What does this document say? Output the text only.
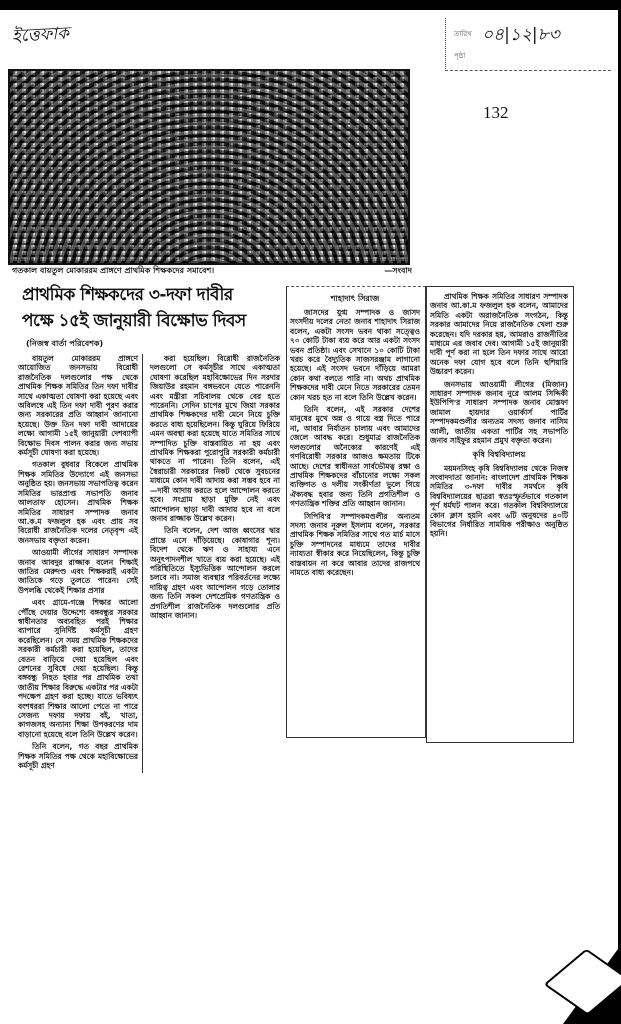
ইত্তেফাক	তারিখ ০৪|১২|৮৩
পৃষ্ঠা
132
গতকাল বায়তুল মোকাররম প্রাঙ্গণে প্রাথমিক শিক্ষকদের সমাবেশ।	—সংবাদ
প্রাথমিক শিক্ষকদের ৩-দফা দাবীর
পক্ষে ১৫ই জানুয়ারী বিক্ষোভ দিবস
(নিজস্ব বার্তা পরিবেশক)

বায়তুল মোকাররম প্রাঙ্গণে আয়োজিত জনসভায় বিরোধী রাজনৈতিক দলগুলোর পক্ষ থেকে প্রাথমিক শিক্ষক সমিতির তিন দফা দাবীর সাথে একাত্মতা ঘোষণা করা হয়েছে এবং অবিলম্বে এই তিন দফা দাবী পূরণ করার জন্য সরকারের প্রতি আহ্বান জানানো হয়েছে। উক্ত তিন দফা দাবী আদায়ের লক্ষ্যে আগামী ১৫ই জানুয়ারী দেশব্যাপী বিক্ষোভ দিবস পালন করার জন্য সভায় কর্মসূচী ঘোষণা করা হয়েছে।

গতকাল বুধবার বিকেলে প্রাথমিক শিক্ষক সমিতির উদ্যোগে এই জনসভা অনুষ্ঠিত হয়। জনসভায় সভাপতিত্ব করেন সমিতির ভারপ্রাপ্ত সভাপতি জনাব আলতাফ হোসেন। প্রাথমিক শিক্ষক সমিতির সাধারণ সম্পাদক জনাব আ.ক.ম ফজলুল হক এবং প্রায় সব বিরোধী রাজনৈতিক দলের নেতৃবৃন্দ এই জনসভায় বক্তৃতা করেন।

আওয়ামী লীগের সাধারণ সম্পাদক জনাব আবদুর রাজ্জাক বলেন শিক্ষাই জাতির মেরুদণ্ড এবং শিক্ষকরাই একটা জাতিকে গড়ে তুলতে পারেন। সেই উপলব্ধি থেকেই শিক্ষার প্রসার

এবং গ্রামে-গঞ্জে শিক্ষার আলো পৌঁছে দেয়ার উদ্দেশ্যে বঙ্গবন্ধুর সরকার স্বাধীনতার অব্যবহিত পরই শিক্ষার ব্যাপারে সুনির্দিষ্ট কর্মসূচী গ্রহণ করেছিলেন। সে সময় প্রাথমিক শিক্ষকদের সরকারী কর্মচারী করা হয়েছিল, তাদের বেতন বাড়িয়ে দেয়া হয়েছিল এবং রেশনের সুবিধে দেয়া হয়েছিল। কিন্তু বঙ্গবন্ধু নিহত হবার পর প্রাথমিক তথা জাতীয় শিক্ষার বিরুদ্ধে একটার পর একটা পদক্ষেপ গ্রহণ করা হচ্ছে। যাতে ভবিষ্যৎ বংশধররা শিক্ষার আলো পেতে না পারে সেজন্য দফায় দফায় বই, খাতা, কাগজসহ অন্যান্য শিক্ষা উপকরণের দাম বাড়ানো হয়েছে বলে তিনি উল্লেখ করেন।

তিনি বলেন, গত বছর প্রাথমিক শিক্ষক সমিতির পক্ষ থেকে মহাবিক্ষোভের কর্মসূচী গ্রহণ

করা হয়েছিল। বিরোধী রাজনৈতিক দলগুলো সে কর্মসূচীর সাথে একাত্মতা ঘোষণা করেছিল মহাবিক্ষোভের দিন সরদার জিয়াউর রহমান বঙ্গভবনে যেতে পারেননি এবং মন্ত্রীরা সচিবালয় থেকে বের হতে পারেননি। সেদিন চাপের মুখে জিয়া সরকার প্রাথমিক শিক্ষকদের দাবী মেনে নিয়ে চুক্তি করতে বাধ্য হয়েছিলেন। কিন্তু ঘুরিয়ে ফিরিয়ে এমন অবস্থা করা হয়েছে যাতে সমিতির সাথে সম্পাদিত চুক্তি বাস্তবায়িত না হয় এবং প্রাথমিক শিক্ষকরা পুরোপুরি সরকারী কর্মচারী থাকতে না পারেন। তিনি বলেন, এই স্বৈরাচারী সরকারের নিকট থেকে সুবচনের মাধ্যমে কোন দাবী আদায় করা সম্ভব হবে না—দাবী আদায় করতে হলে আন্দোলন করতে হবে। সংগ্রাম ছাড়া মুক্তি নেই এবং আন্দোলন ছাড়া দাবী আদায় হবে না বলে জনাব রাজ্জাক উল্লেখ করেন।

তিনি বলেন, দেশ আজ ধ্বংসের দ্বার প্রান্তে এসে দাঁড়িয়েছে। কোষাগার শূন্য। বিদেশ থেকে ঋণ ও সাহায্য এনে অনুৎপাদনশীল খাতে ব্যয় করা হয়েছে। এই পরিস্থিতিতে ইস্যুভিত্তিক আন্দোলন করলে চলবে না। সমাজ ব্যবস্থার পরিবর্তনের লক্ষ্যে দায়িত্ব গ্রহণ এবং আন্দোলন গড়ে তোলার জন্য তিনি সকল দেশপ্রেমিক গণতান্ত্রিক ও প্রগতিশীল রাজনৈতিক দলগুলোর প্রতি আহ্বান জানান।

শাহাদাৎ সিরাজ

জাসদের যুগ্ম সম্পাদক ও জাসদ সংসদীয় দলের নেতা জনাব শাহাদাৎ সিরাজ বলেন, একটা সংসদ ভবন থাকা সত্ত্বেও ৭০ কোটি টাকা ব্যয় করে আর একটা সংসদ ভবন প্রতিষ্ঠা। এবং সেখানে ১০ কোটি টাকা খরচ করে বৈদ্যুতিক সাজসরঞ্জাম লাগানো হয়েছে। এই সংসদ ভবনে দাঁড়িয়ে আমরা কোন কথা বলতে পারি না। অথচ প্রাথমিক শিক্ষকদের দাবী মেনে নিতে সরকারের তেমন কোন খরচ হত না বলে তিনি উল্লেখ করেন।

তিনি বলেন, এই সরকার দেশের মানুষের মুখে অন্ন ও গায়ে বস্ত্র দিতে পারে না, আবার নির্যাতন চালায় এবং আমাদের জেলে আবদ্ধ করে। শুধুমাত্র রাজনৈতিক দলগুলোর অনৈক্যের কারণেই এই গণবিরোধী সরকার আজও ক্ষমতায় টিকে আছে। দেশের স্বাধীনতা সার্বভৌমত্ব রক্ষা ও প্রাথমিক শিক্ষকদের বাঁচানোর লক্ষ্যে সকল ব্যক্তিগত ও দলীয় সংকীর্ণতা ভুলে গিয়ে ঐক্যবদ্ধ হবার জন্য তিনি প্রগতিশীল ও গণতান্ত্রিক শক্তির প্রতি আহ্বান জানান।

সিপিবি'র সম্পাদকমণ্ডলীর অন্যতম সদস্য জনাব নূরুল ইসলাম বলেন, সরকার প্রাথমিক শিক্ষক সমিতির সাথে গত মার্চ মাসে চুক্তি সম্পাদনের মাধ্যমে তাদের দাবীর ন্যায্যতা স্বীকার করে নিয়েছিলেন, কিন্তু চুক্তি বাস্তবায়ন না করে আবার তাদের রাজপথে নামতে বাধ্য করেছেন।

প্রাথমিক শিক্ষক সমিতির সাধারণ সম্পাদক জনাব আ.কা.ম ফজলুল হক বলেন, আমাদের সমিতি একটা অরাজনৈতিক সংগঠন, কিন্তু সরকার আমাদের নিয়ে রাজনৈতিক খেলা শুরু করেছেন। যদি দরকার হয়, আমরাও রাজনীতির মাধ্যমে এর জবাব দেব। আগামী ১৫ই জানুয়ারী দাবী পূর্ণ করা না হলে তিন দফার সাথে আরো অনেক দফা যোগ হবে বলে তিনি হুশিয়ারি উচ্চারণ করেন।

জনসভায় আওয়ামী লীগের (মিজান) সাধারণ সম্পাদক জনাব নুরে আলম সিদ্দিকী ইউপিপি'র সাধারণ সম্পাদক জনাব মোস্তফা জামাল হায়দার ওয়ার্কার্স পার্টির সম্পাদকমণ্ডলীর অন্যতম সদস্য জনাব নাসিম আলী, জাতীয় একতা পার্টির সহ সভাপতি জনাব সাইফুর রহমান প্রমুখ বক্তৃতা করেন।

কৃষি বিশ্ববিদ্যালয়

ময়মনসিংহ কৃষি বিশ্ববিদ্যালয় থেকে নিজস্ব সংবাদদাতা জানান: বাংলাদেশ প্রাথমিক শিক্ষক সমিতির ৩-দফা দাবীর সমর্থনে কৃষি বিশ্ববিদ্যালয়ের ছাত্ররা স্বতঃস্ফূর্তভাবে গতকাল পূর্ণ ধর্মঘট পালন করে। গতকাল বিশ্ববিদ্যালয়ে কোন ক্লাস হয়নি এবং ৬টি অনুষদের ৪০টি বিভাগের নির্ধারিত সাময়িক পরীক্ষাও অনুষ্ঠিত হয়নি।
